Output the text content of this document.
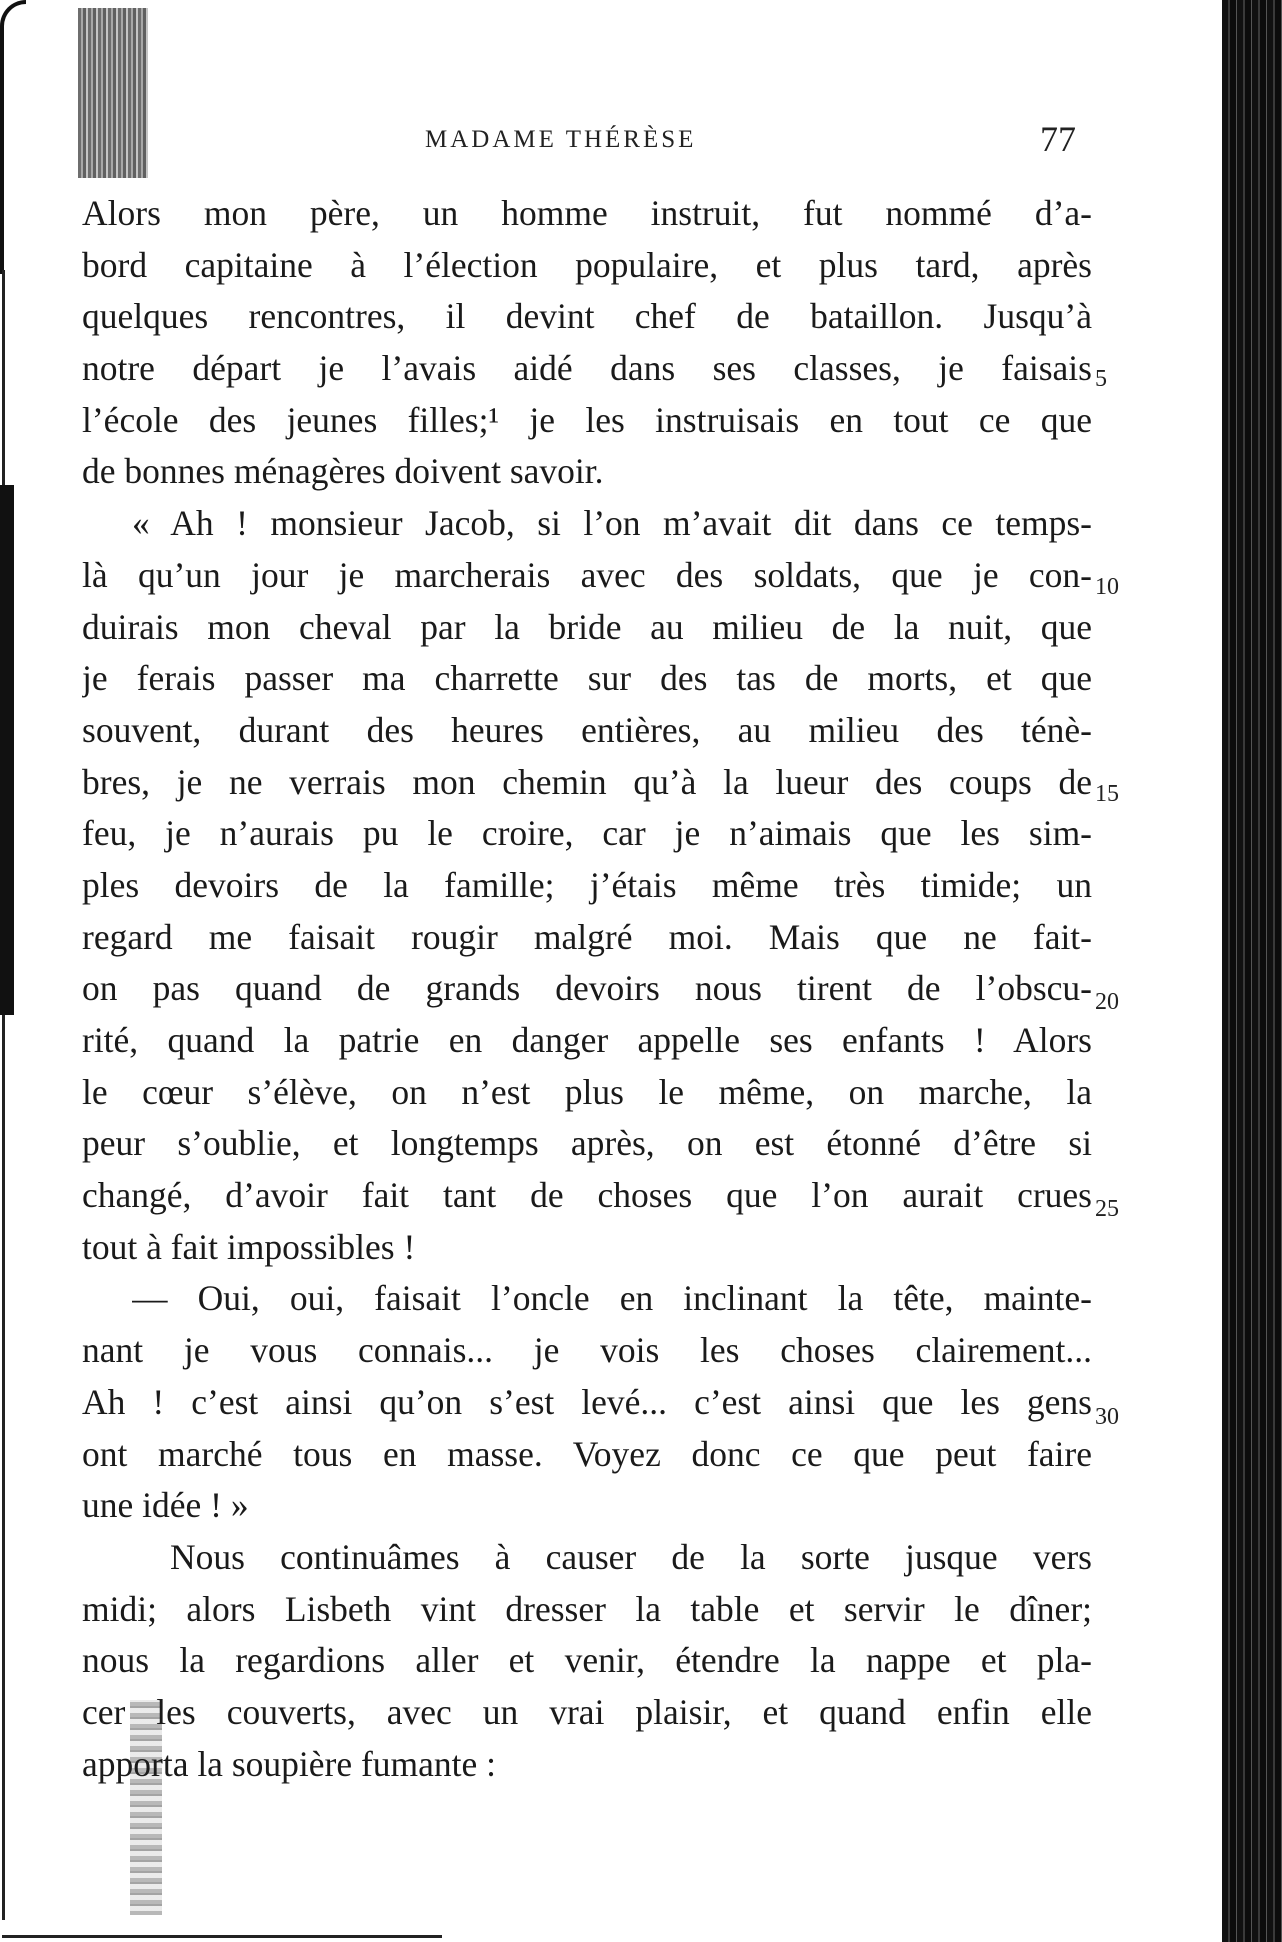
MADAME THÉRÈSE	77
Alors mon père, un homme instruit, fut nommé d’a-
bord capitaine à l’élection populaire, et plus tard, après
quelques rencontres, il devint chef de bataillon. Jusqu’à
notre départ je l’avais aidé dans ses classes, je faisais
l’école des jeunes filles;¹ je les instruisais en tout ce que
de bonnes ménagères doivent savoir.
« Ah ! monsieur Jacob, si l’on m’avait dit dans ce temps-
là qu’un jour je marcherais avec des soldats, que je con-
duirais mon cheval par la bride au milieu de la nuit, que
je ferais passer ma charrette sur des tas de morts, et que
souvent, durant des heures entières, au milieu des ténè-
bres, je ne verrais mon chemin qu’à la lueur des coups de
feu, je n’aurais pu le croire, car je n’aimais que les sim-
ples devoirs de la famille; j’étais même très timide; un
regard me faisait rougir malgré moi. Mais que ne fait-
on pas quand de grands devoirs nous tirent de l’obscu-
rité, quand la patrie en danger appelle ses enfants ! Alors
le cœur s’élève, on n’est plus le même, on marche, la
peur s’oublie, et longtemps après, on est étonné d’être si
changé, d’avoir fait tant de choses que l’on aurait crues
tout à fait impossibles !
— Oui, oui, faisait l’oncle en inclinant la tête, mainte-
nant je vous connais... je vois les choses clairement...
Ah ! c’est ainsi qu’on s’est levé... c’est ainsi que les gens
ont marché tous en masse. Voyez donc ce que peut faire
une idée ! »
Nous continuâmes à causer de la sorte jusque vers
midi; alors Lisbeth vint dresser la table et servir le dîner;
nous la regardions aller et venir, étendre la nappe et pla-
cer les couverts, avec un vrai plaisir, et quand enfin elle
apporta la soupière fumante :
5
10
15
20
25
30
